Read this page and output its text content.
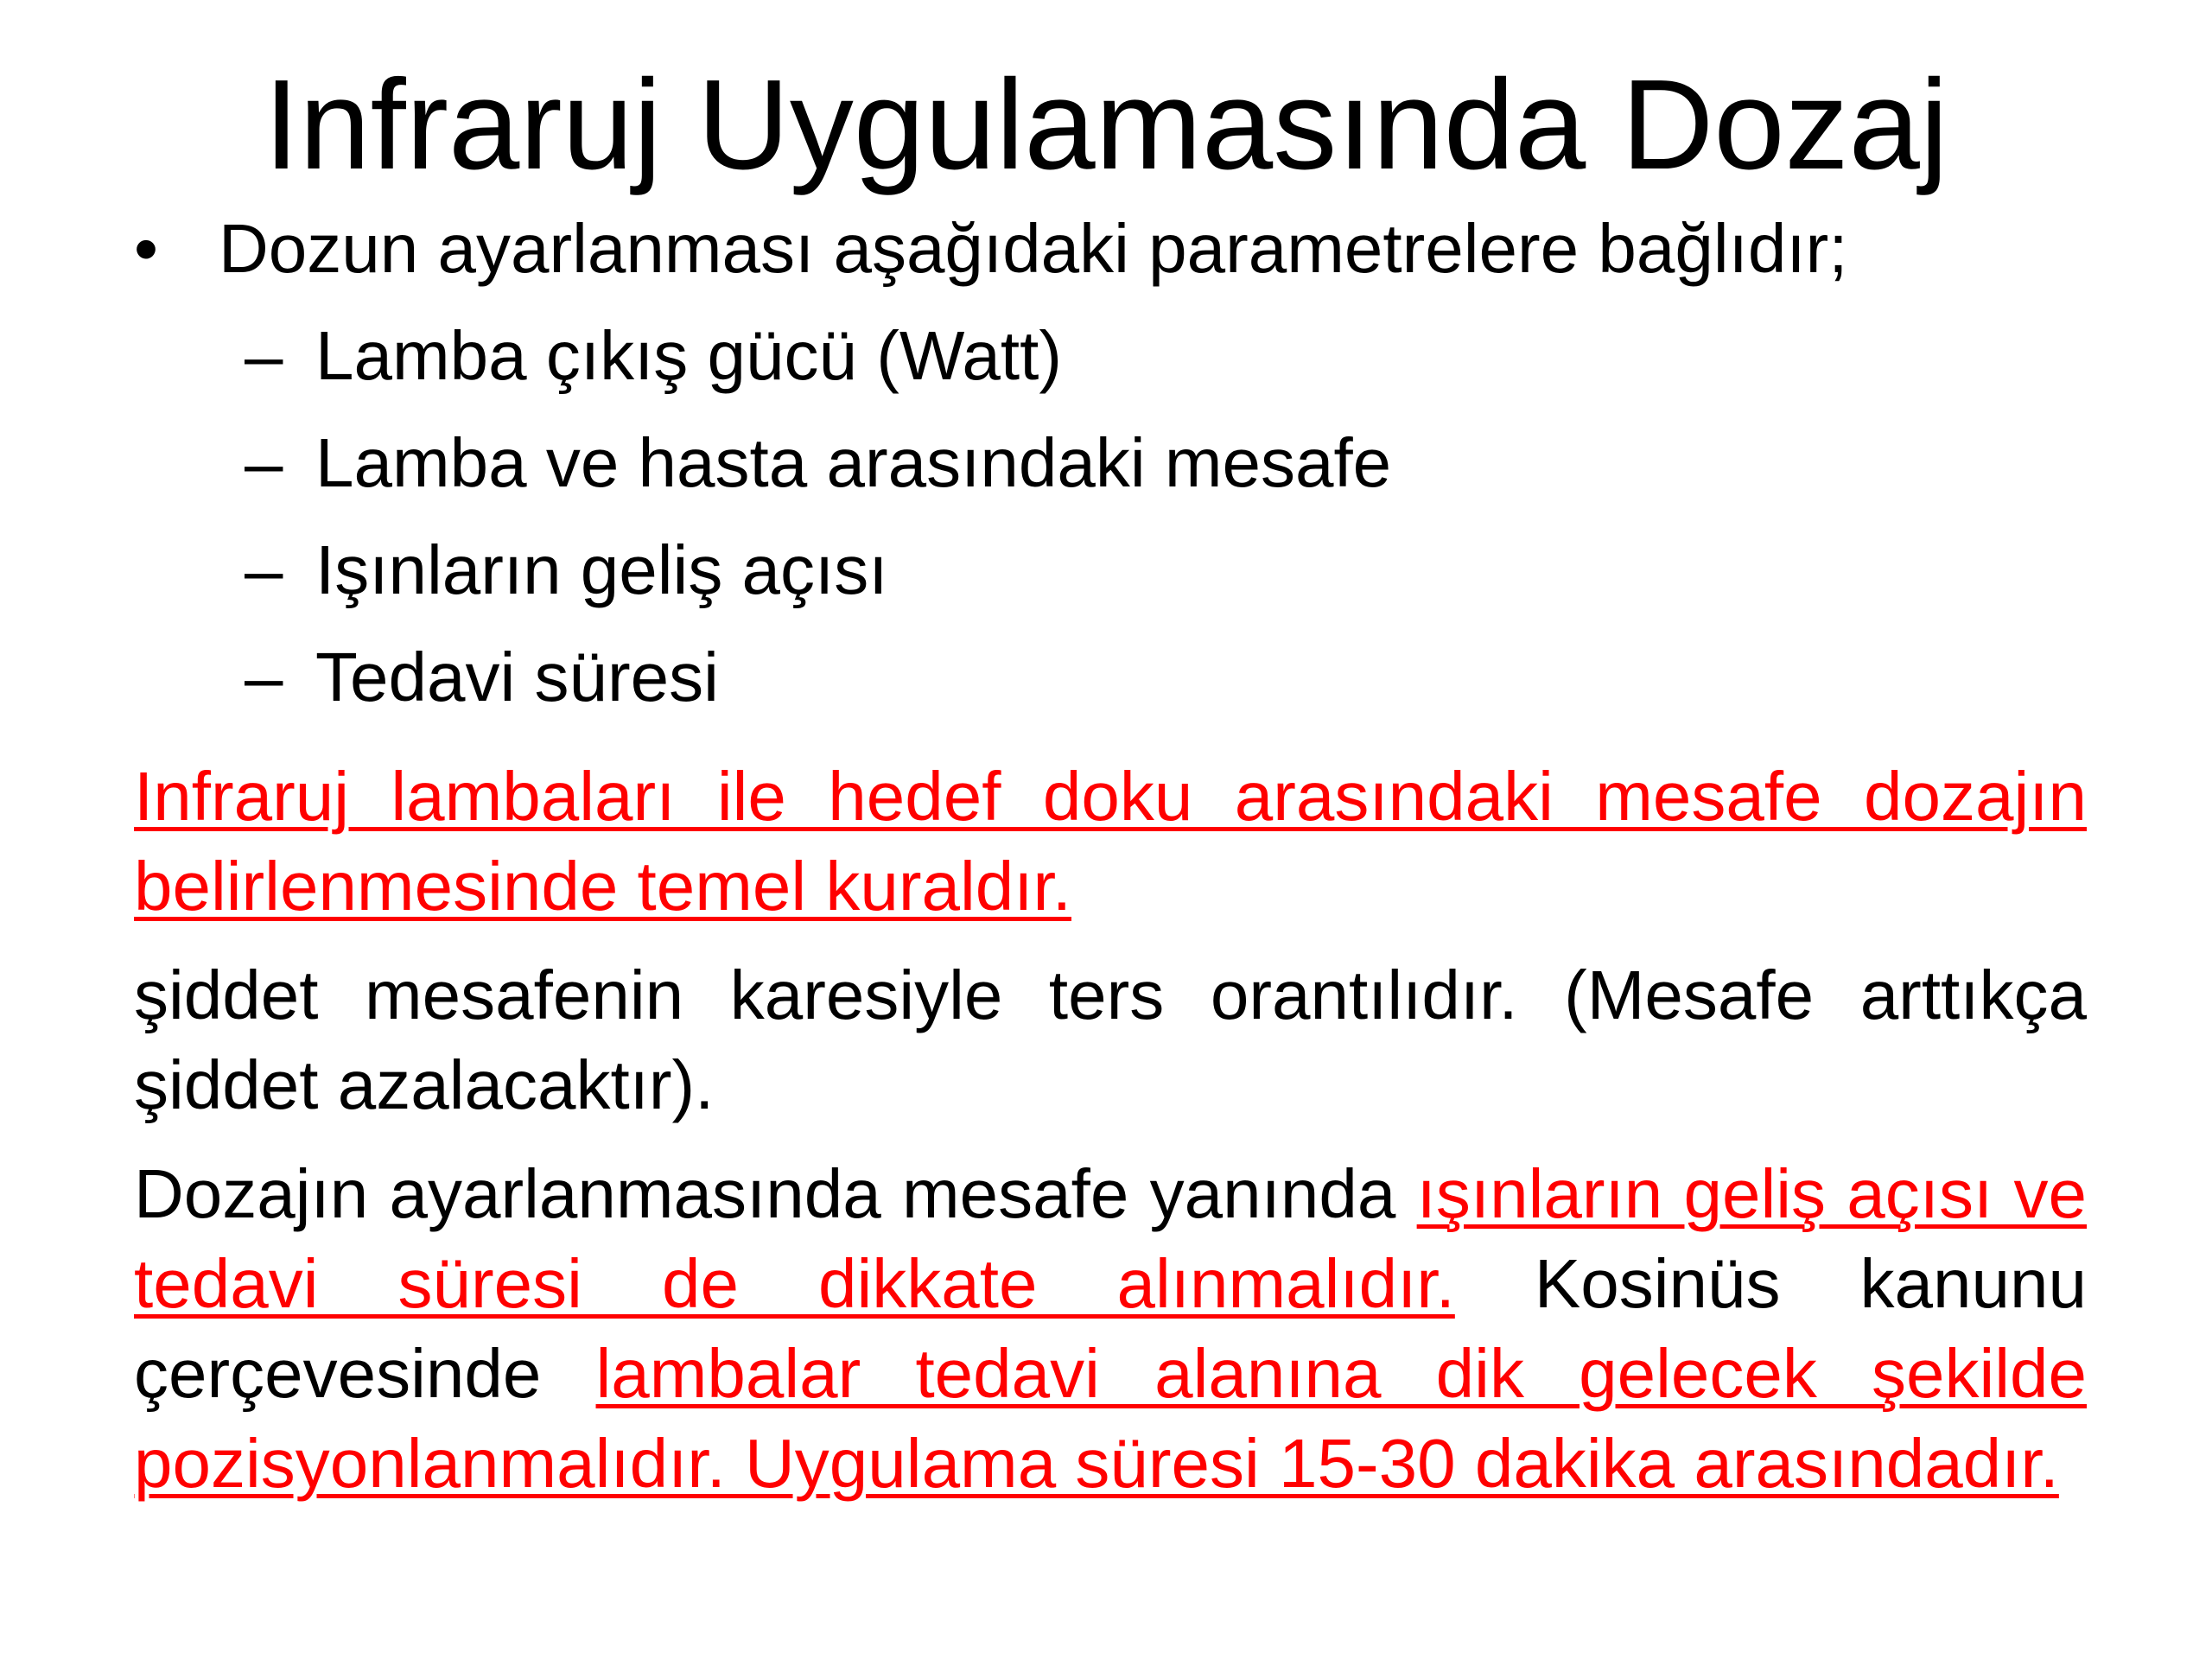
Infraruj Uygulamasında Dozaj
• Dozun ayarlanması aşağıdaki parametrelere bağlıdır;
– Lamba çıkış gücü (Watt)
– Lamba ve hasta arasındaki mesafe
– Işınların geliş açısı
– Tedavi süresi
Infraruj lambaları ile hedef doku arasındaki mesafe dozajın belirlenmesinde temel kuraldır.
şiddet mesafenin karesiyle ters orantılıdır. (Mesafe arttıkça şiddet azalacaktır).
Dozajın ayarlanmasında mesafe yanında ışınların geliş açısı ve tedavi süresi de dikkate alınmalıdır. Kosinüs kanunu çerçevesinde lambalar tedavi alanına dik gelecek şekilde pozisyonlanmalıdır. Uygulama süresi 15-30 dakika arasındadır.
